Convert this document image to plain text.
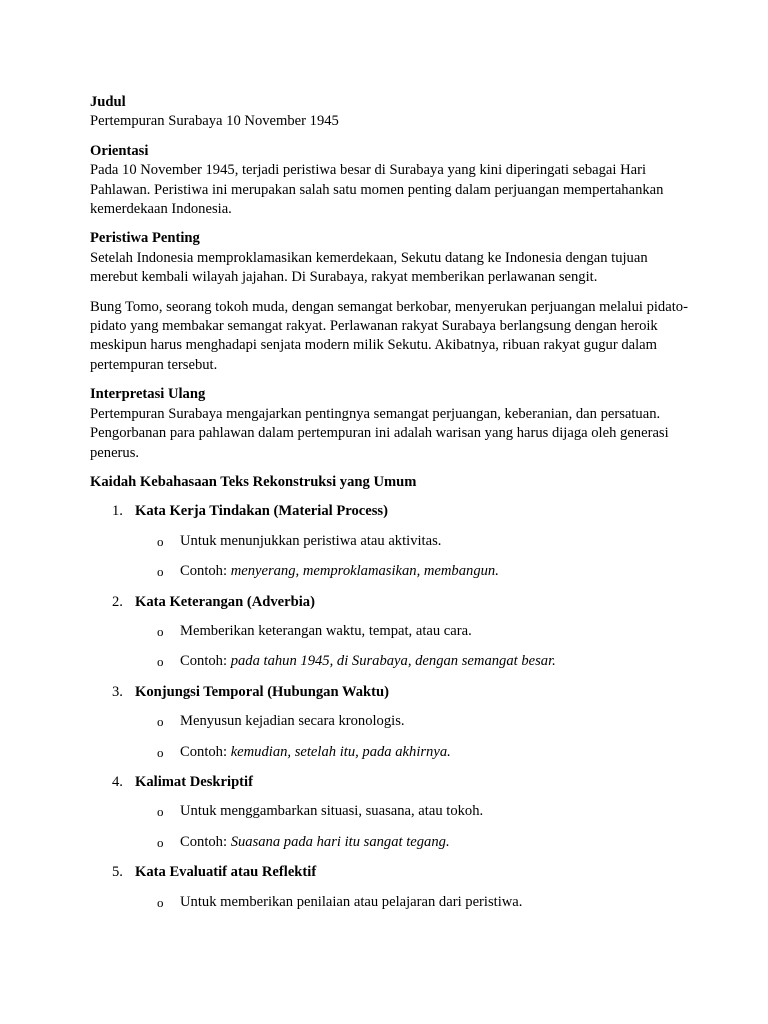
Judul
Pertempuran Surabaya 10 November 1945
Orientasi
Pada 10 November 1945, terjadi peristiwa besar di Surabaya yang kini diperingati sebagai Hari Pahlawan. Peristiwa ini merupakan salah satu momen penting dalam perjuangan mempertahankan kemerdekaan Indonesia.
Peristiwa Penting
Setelah Indonesia memproklamasikan kemerdekaan, Sekutu datang ke Indonesia dengan tujuan merebut kembali wilayah jajahan. Di Surabaya, rakyat memberikan perlawanan sengit.
Bung Tomo, seorang tokoh muda, dengan semangat berkobar, menyerukan perjuangan melalui pidato-pidato yang membakar semangat rakyat. Perlawanan rakyat Surabaya berlangsung dengan heroik meskipun harus menghadapi senjata modern milik Sekutu. Akibatnya, ribuan rakyat gugur dalam pertempuran tersebut.
Interpretasi Ulang
Pertempuran Surabaya mengajarkan pentingnya semangat perjuangan, keberanian, dan persatuan. Pengorbanan para pahlawan dalam pertempuran ini adalah warisan yang harus dijaga oleh generasi penerus.
Kaidah Kebahasaan Teks Rekonstruksi yang Umum
1. Kata Kerja Tindakan (Material Process)
o Untuk menunjukkan peristiwa atau aktivitas.
o Contoh: menyerang, memproklamasikan, membangun.
2. Kata Keterangan (Adverbia)
o Memberikan keterangan waktu, tempat, atau cara.
o Contoh: pada tahun 1945, di Surabaya, dengan semangat besar.
3. Konjungsi Temporal (Hubungan Waktu)
o Menyusun kejadian secara kronologis.
o Contoh: kemudian, setelah itu, pada akhirnya.
4. Kalimat Deskriptif
o Untuk menggambarkan situasi, suasana, atau tokoh.
o Contoh: Suasana pada hari itu sangat tegang.
5. Kata Evaluatif atau Reflektif
o Untuk memberikan penilaian atau pelajaran dari peristiwa.
